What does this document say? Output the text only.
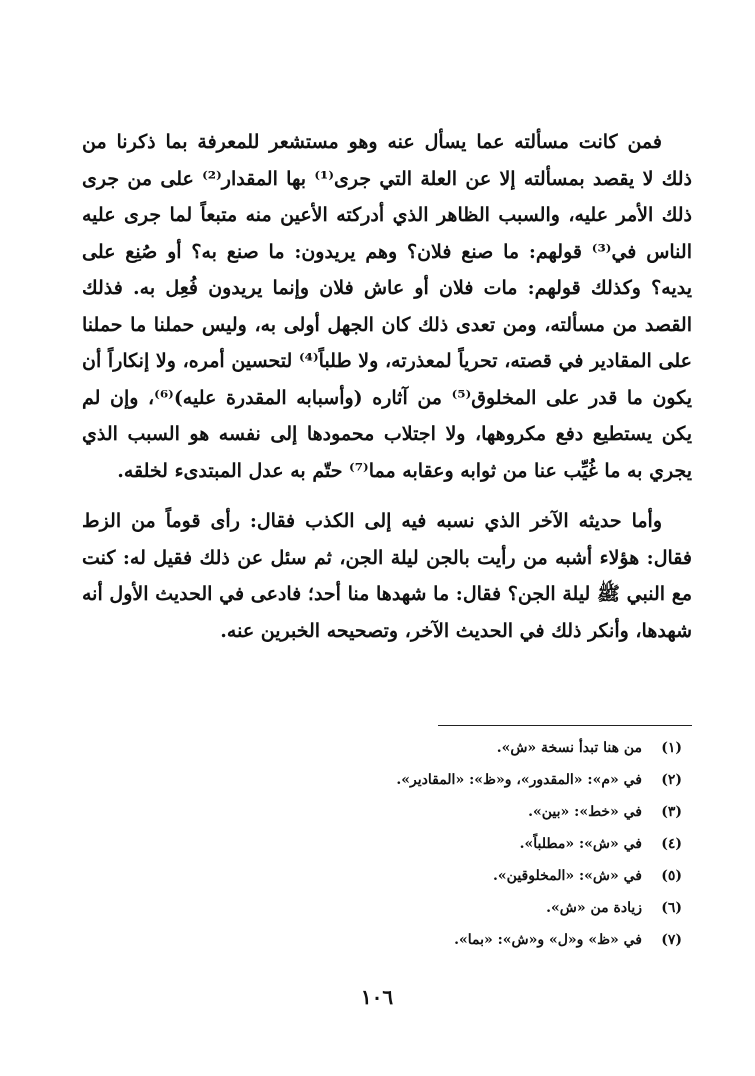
فمن كانت مسألته عما يسأل عنه وهو مستشعر للمعرفة بما ذكرنا من ذلك لا يقصد بمسألته إلا عن العلة التي جرى⁽¹⁾ بها المقدار⁽²⁾ على من جرى ذلك الأمر عليه، والسبب الظاهر الذي أدركته الأعين منه متبعاً لما جرى عليه الناس في⁽³⁾ قولهم: ما صنع فلان؟ وهم يريدون: ما صنع به؟ أو صُنِع على يديه؟ وكذلك قولهم: مات فلان أو عاش فلان وإنما يريدون فُعِل به. فذلك القصد من مسألته، ومن تعدى ذلك كان الجهل أولى به، وليس حملنا ما حملنا على المقادير في قصته، تحرياً لمعذرته، ولا طلباً⁽⁴⁾ لتحسين أمره، ولا إنكاراً أن يكون ما قدر على المخلوق⁽⁵⁾ من آثاره (وأسبابه المقدرة عليه)⁽⁶⁾، وإن لم يكن يستطيع دفع مكروهها، ولا اجتلاب محمودها إلى نفسه هو السبب الذي يجري به ما غُيِّب عنا من ثوابه وعقابه مما⁽⁷⁾ حتّم به عدل المبتدىء لخلقه.

وأما حديثه الآخر الذي نسبه فيه إلى الكذب فقال: رأى قوماً من الزط فقال: هؤلاء أشبه من رأيت بالجن ليلة الجن، ثم سئل عن ذلك فقيل له: كنت مع النبي ﷺ ليلة الجن؟ فقال: ما شهدها منا أحد؛ فادعى في الحديث الأول أنه شهدها، وأنكر ذلك في الحديث الآخر، وتصحيحه الخبرين عنه.

(١)
من هنا تبدأ نسخة «ش».
(٢)
في «م»: «المقدور»، و«ظ»: «المقادير».
(٣)
في «خط»: «بين».
(٤)
في «ش»: «مطلباً».
(٥)
في «ش»: «المخلوقين».
(٦)
زيادة من «ش».
(٧)
في «ظ» و«ل» و«ش»: «بما».
١٠٦
